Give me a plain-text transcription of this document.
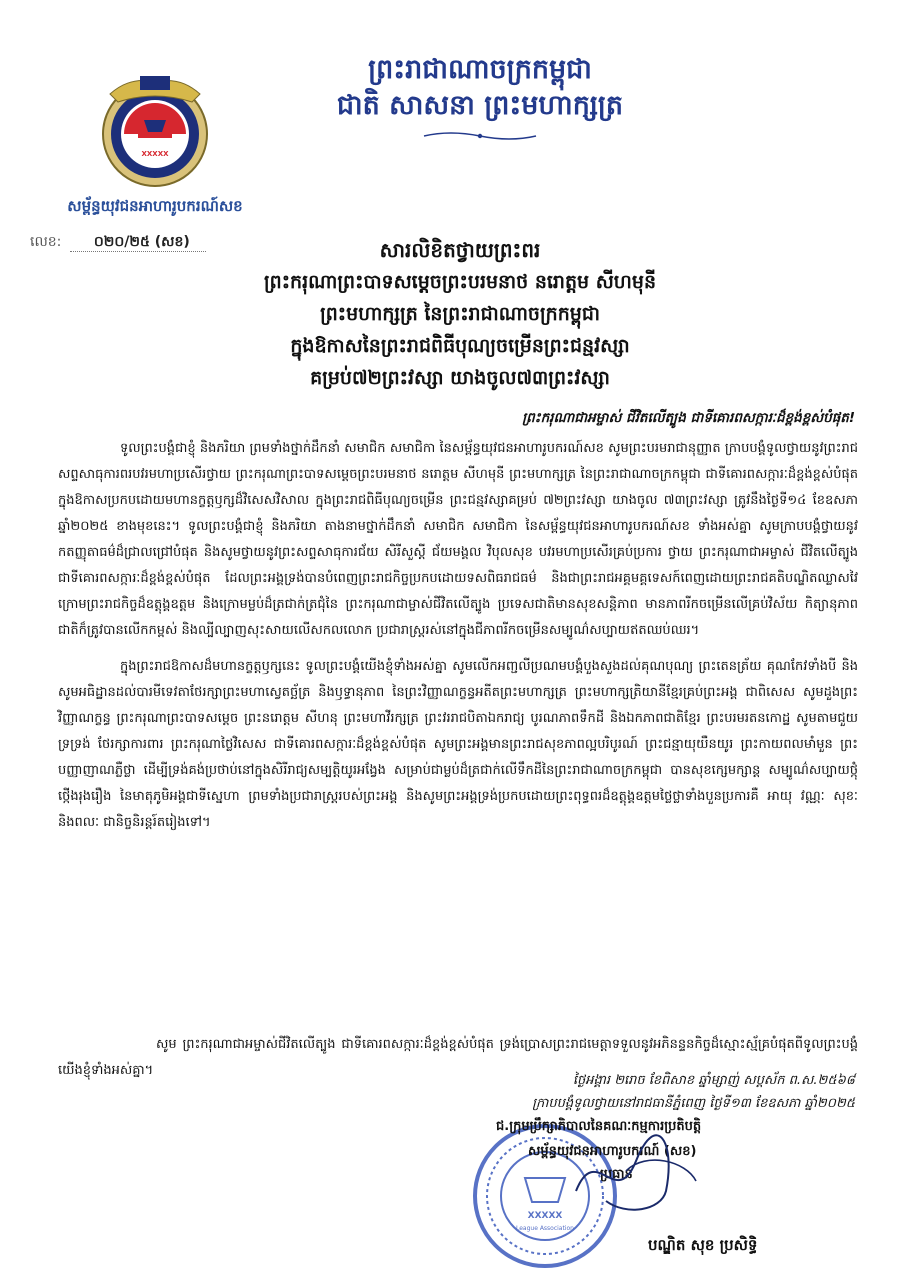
XXXXX
សម្ព័ន្ធយុវជនអាហារូបករណ៍សខ
លេខ: ០២០/២៥ (សខ)
ព្រះរាជាណាចក្រកម្ពុជា
ជាតិ សាសនា ព្រះមហាក្សត្រ
សារលិខិតថ្វាយព្រះពរ
ព្រះករុណាព្រះបាទសម្តេចព្រះបរមនាថ នរោត្តម សីហមុនី
ព្រះមហាក្សត្រ នៃព្រះរាជាណាចក្រកម្ពុជា
ក្នុងឱកាសនៃព្រះរាជពិធីបុណ្យចម្រើនព្រះជន្មវស្សា
គម្រប់៧២ព្រះវស្សា យាងចូល៧៣ព្រះវស្សា
ព្រះករុណាជាអម្ចាស់ ជីវិតលើត្បូង ជាទីគោរពសក្ការៈដ៏ខ្ពង់ខ្ពស់បំផុត!

ទូលព្រះបង្គំជាខ្ញុំ និងភរិយា ព្រមទាំងថ្នាក់ដឹកនាំ សមាជិក សមាជិកា នៃសម្ព័ន្ធយុវជនអាហារូបករណ៍សខ សូមព្រះបរមរាជានុញ្ញាត ក្រាបបង្គំទូលថ្វាយនូវព្រះរាជសព្ទសាធុការពរបវរមហាប្រសើរថ្វាយ ព្រះករុណាព្រះបាទសម្តេចព្រះបរមនាថ នរោត្តម សីហមុនី ព្រះមហាក្សត្រ នៃព្រះរាជាណាចក្រកម្ពុជា ជាទីគោរពសក្ការៈដ៏ខ្ពង់ខ្ពស់បំផុត ក្នុងឱកាសប្រកបដោយមហានក្ខត្តឫក្សដ៏វិសេសវិសាល ក្នុងព្រះរាជពិធីបុណ្យចម្រើន ព្រះជន្មវស្សាគម្រប់ ៧២ព្រះវស្សា យាងចូល ៧៣ព្រះវស្សា ត្រូវនឹងថ្ងៃទី១៤ ខែឧសភា ឆ្នាំ២០២៥ ខាងមុខនេះ។ ទូលព្រះបង្គំជាខ្ញុំ និងភរិយា តាងនាមថ្នាក់ដឹកនាំ សមាជិក សមាជិកា នៃសម្ព័ន្ធយុវជនអាហារូបករណ៍សខ ទាំងអស់គ្នា សូមក្រាបបង្គំថ្វាយនូវកតញ្ញុតាធម៌ដ៏ជ្រាលជ្រៅបំផុត និងសូមថ្វាយនូវព្រះសព្ទសាធុការជ័យ សិរីសួស្តី ជ័យមង្គល វិបុលសុខ បវរមហាប្រសើរគ្រប់ប្រការ ថ្វាយ ព្រះករុណាជាអម្ចាស់ ជីវិតលើត្បូង ជាទីគោរពសក្ការៈដ៏ខ្ពង់ខ្ពស់បំផុត ដែលព្រះអង្គទ្រង់បានបំពេញព្រះរាជកិច្ចប្រកបដោយទសពិធរាជធម៌ និងជាព្រះរាជអគ្គមគ្គទេសក៍ពេញដោយព្រះរាជគតិបណ្ឌិតឈ្លាសវៃ ក្រោមព្រះរាជកិច្ចដ៏ឧត្តុង្គឧត្តម និងក្រោមម្លប់ដ៏ត្រជាក់ត្រជុំនៃ ព្រះករុណាជាម្ចាស់ជីវិតលើត្បូង ប្រទេសជាតិមានសុខសន្តិភាព មានភាពរីកចម្រើនលើគ្រប់វិស័យ កិត្យានុភាពជាតិក៏ត្រូវបានលើកកម្ពស់ និងល្បីល្បាញសុះសាយលើសកលលោក ប្រជារាស្ត្ររស់នៅក្នុងជីភាពរីកចម្រើនសម្បូណ៌សប្បាយឥតឈប់ឈរ។

ក្នុងព្រះរាជឱកាសដ៏មហានក្ខត្តឫក្សនេះ ទូលព្រះបង្គំយើងខ្ញុំទាំងអស់គ្នា សូមលើកអញ្ជលីប្រណមបង្គំបួងសួងដល់គុណបុណ្យ ព្រះតេនត្រ័យ គុណកែវទាំងបី និងសូមអធិដ្ឋានដល់បារមីទេវតាថែរក្សាព្រះមហាស្វេតច្ឆ័ត្រ និងឫទ្ធានុភាព នៃព្រះវិញ្ញាណក្ខន្ធអតីតព្រះមហាក្សត្រ ព្រះមហាក្សត្រិយានីខ្មែរគ្រប់ព្រះអង្គ ជាពិសេស សូមដួងព្រះវិញ្ញាណក្ខន្ធ ព្រះករុណាព្រះបាទសម្តេច ព្រះនរោត្តម សីហនុ ព្រះមហាវីរក្សត្រ ព្រះវររាជបិតាឯករាជ្យ បូរណភាពទឹកដី និងឯកភាពជាតិខ្មែរ ព្រះបរមរតនកោដ្ឋ សូមតាមជួយទ្រទ្រង់ ថែរក្សាការពារ ព្រះករុណាថ្លៃវិសេស ជាទីគោរពសក្ការៈដ៏ខ្ពង់ខ្ពស់បំផុត សូមព្រះអង្គមានព្រះរាជសុខភាពល្អបរិបូរណ៍ ព្រះជន្មាយុយឺនយូរ ព្រះកាយពលមាំមួន ព្រះបញ្ញាញាណភ្លឺថ្លា ដើម្បីទ្រង់គង់ប្រថាប់នៅក្នុងសិរីរាជ្យសម្បត្តិយូរអង្វែង សម្រាប់ជាម្លប់ដ៏ត្រជាក់លើទឹកដីនៃព្រះរាជាណាចក្រកម្ពុជា បានសុខក្សេមក្សាន្ត សម្បូណ៌សប្បាយថ្កុំថ្កើងរុងរឿង នៃមាតុភូមិអង្គជាទីស្នេហា ព្រមទាំងប្រជារាស្ត្ររបស់ព្រះអង្គ និងសូមព្រះអង្គទ្រង់ប្រកបដោយព្រះពុទ្ធពរដ៏ឧត្តុង្គឧត្តមថ្លៃថ្លាទាំងបួនប្រការគឺ អាយុ វណ្ណៈ សុខៈ និងពលៈ ជានិច្ចនិរន្តរ៍តរៀងទៅ។

សូម ព្រះករុណាជាអម្ចាស់ជីវិតលើត្បូង ជាទីគោរពសក្ការៈដ៏ខ្ពង់ខ្ពស់បំផុត ទ្រង់ប្រោសព្រះរាជមេត្តាទទួលនូវអភិនន្ទនកិច្ចដ៏ស្មោះស្ម័គ្របំផុតពីទូលព្រះបង្គំយើងខ្ញុំទាំងអស់គ្នា។

ថ្ងៃអង្គារ ២រោច ខែពិសាខ ឆ្នាំម្សាញ់ សប្តស័ក ព.ស.២៥៦៨
ក្រាបបង្គំទូលថ្វាយនៅរាជធានីភ្នំពេញ ថ្ងៃទី១៣ ខែឧសភា ឆ្នាំ២០២៥
XXXXX
League Association
ជ.ក្រុមប្រឹក្សាភិបាលនៃគណៈកម្មការប្រតិបត្តិ
សម្ព័ន្ធយុវជនអាហារូបករណ៍ (សខ)
ប្រធាន
បណ្ឌិត សុខ ប្រសិទ្ធិ
